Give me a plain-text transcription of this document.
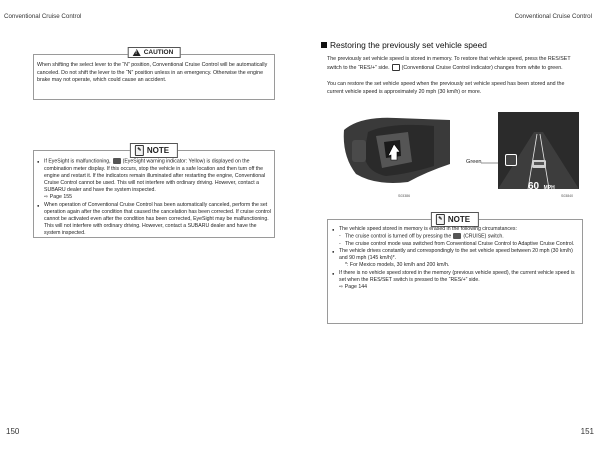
Conventional Cruise Control	Conventional Cruise Control
!
CAUTION

When shifting the select lever to the “N” position, Conventional Cruise Control will be automatically canceled. Do not shift the lever to the “N” position unless in an emergency. Otherwise the engine brake may not operate, which could cause an accident.

✎ NOTE
● If EyeSight is malfunctioning, (EyeSight warning indicator: Yellow) is displayed on the combination meter display. If this occurs, stop the vehicle in a safe location and then turn off the engine and restart it. If the indicators remain illuminated after restarting the engine, Conventional Cruise Control cannot be used. This will not interfere with ordinary driving. However, contact a SUBARU dealer and have the system inspected.
⇨ Page 155
● When operation of Conventional Cruise Control has been automatically canceled, perform the set operation again after the condition that caused the cancelation has been corrected. If cruise control cannot be activated even after the condition has been corrected, EyeSight may be malfunctioning. This will not interfere with ordinary driving. However, contact a SUBARU dealer and have the system inspected.
Restoring the previously set vehicle speed

The previously set vehicle speed is stored in memory. To restore that vehicle speed, press the RES/SET switch to the “RES/+” side. (Conventional Cruise Control indicator) changes from white to green.

You can restore the set vehicle speed when the previously set vehicle speed has been stored and the current vehicle speed is approximately 20 mph (30 km/h) or more.

S03386
Green
60 MPH
S03840
✎ NOTE
● The vehicle speed stored in memory is erased in the following circumstances:
- The cruise control is turned off by pressing the (CRUISE) switch.
- The cruise control mode was switched from Conventional Cruise Control to Adaptive Cruise Control.
● The vehicle drives constantly and correspondingly to the set vehicle speed between 20 mph (30 km/h) and 90 mph (145 km/h)*.
*: For Mexico models, 30 km/h and 200 km/h.
● If there is no vehicle speed stored in the memory (previous vehicle speed), the current vehicle speed is set when the RES/SET switch is pressed to the “RES/+” side.
⇨ Page 144
150	151
